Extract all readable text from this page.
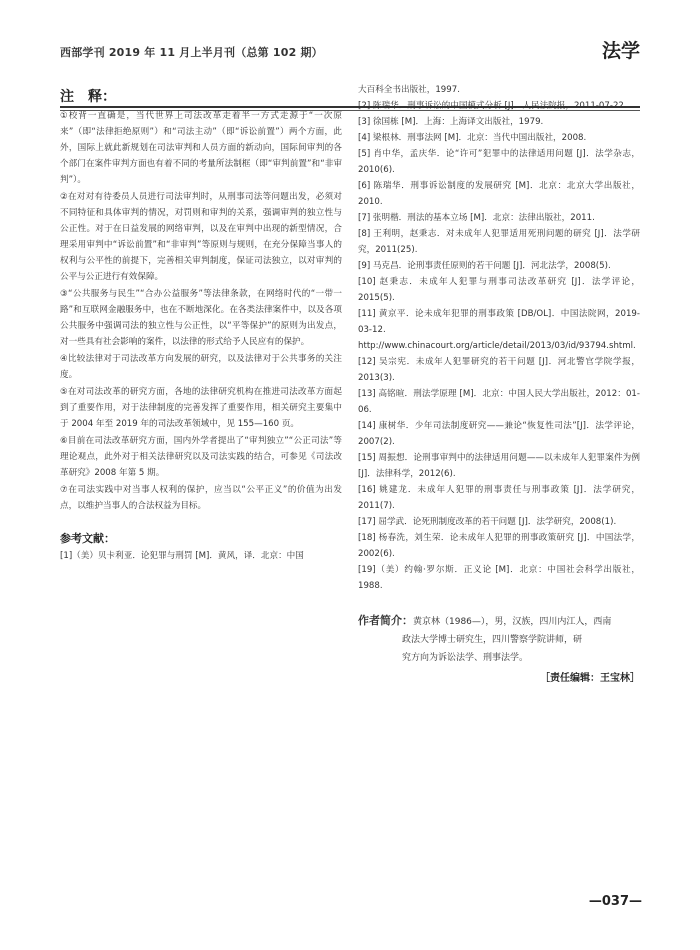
西部学刊 2019 年 11 月上半月刊（总第 102 期）	法学
注　释：
①校背一直确是，当代世界上司法改革走着半一方式走源于“一次原来”（即“法律拒绝原则”）和“司法主动”（即“诉讼前置”）两个方面，此外，国际上就此新规划在司法审判和人员方面的新动向，国际间审判的各个部门在案件审判方面也有着不同的考量所法制框（即“审判前置”和“非审判”）。
②在对对有待委员人员进行司法审判时，从刑事司法等问题出发，必须对不同特征和具体审判的情况，对罚则和审判的关系，强调审判的独立性与公正性。对于在日益发展的网络审判，以及在审判中出现的新型情况，合理采用审判中“诉讼前置”和“非审判”等原则与规则，在充分保障当事人的权利与公平性的前提下，完善相关审判制度，保证司法独立，以对审判的公平与公正进行有效保障。
③“公共服务与民生”“合办公益服务”等法律条款，在网络时代的“一带一路”和互联网金融服务中，也在不断地深化。在各类法律案件中，以及各项公共服务中强调司法的独立性与公正性，以“平等保护”的原则为出发点，对一些具有社会影响的案件，以法律的形式给予人民应有的保护。
④比较法律对于司法改革方向发展的研究，以及法律对于公共事务的关注度。
⑤在对司法改革的研究方面，各地的法律研究机构在推进司法改革方面起到了重要作用，对于法律制度的完善发挥了重要作用，相关研究主要集中于 2004 年至 2019 年的司法改革领域中，见 155—160 页。
⑥目前在司法改革研究方面，国内外学者提出了“审判独立”“公正司法”等理论观点，此外对于相关法律研究以及司法实践的结合，可参见《司法改革研究》2008 年第 5 期。
⑦在司法实践中对当事人权利的保护，应当以“公平正义”的价值为出发点，以维护当事人的合法权益为目标。
参考文献：
[1]（美）贝卡利亚．论犯罪与刑罚 [M]．黄风，译．北京：中国
大百科全书出版社，1997.
[2] 陈瑞华．刑事诉讼的中国模式分析 [J]．人民法院报，2011-07-22.
[3] 徐国栋 [M]．上海：上海译文出版社，1979.
[4] 梁根林．刑事法网 [M]．北京：当代中国出版社，2008.
[5] 肖中华，孟庆华．论“许可”犯罪中的法律适用问题 [J]．法学杂志，2010(6).
[6] 陈瑞华．刑事诉讼制度的发展研究 [M]．北京：北京大学出版社，2010.
[7] 张明楷．刑法的基本立场 [M]．北京：法律出版社，2011.
[8] 王利明，赵秉志．对未成年人犯罪适用死刑问题的研究 [J]．法学研究，2011(25).
[9] 马克昌．论刑事责任原则的若干问题 [J]．河北法学，2008(5).
[10] 赵秉志．未成年人犯罪与刑事司法改革研究 [J]．法学评论，2015(5).
[11] 黄京平．论未成年犯罪的刑事政策 [DB/OL]．中国法院网，2019-03-12.
http://www.chinacourt.org/article/detail/2013/03/id/93794.shtml.
[12] 吴宗宪．未成年人犯罪研究的若干问题 [J]．河北警官学院学报，2013(3).
[13] 高铭暄．刑法学原理 [M]．北京：中国人民大学出版社，2012：01-06.
[14] 康树华．少年司法制度研究——兼论“恢复性司法”[J]．法学评论，2007(2).
[15] 周振想．论刑事审判中的法律适用问题——以未成年人犯罪案件为例 [J]．法律科学，2012(6).
[16] 姚建龙．未成年人犯罪的刑事责任与刑事政策 [J]．法学研究，2011(7).
[17] 屈学武．论死刑制度改革的若干问题 [J]．法学研究，2008(1).
[18] 杨春洗，刘生荣．论未成年人犯罪的刑事政策研究 [J]．中国法学，2002(6).
[19]（美）约翰·罗尔斯．正义论 [M]．北京：中国社会科学出版社，1988.
作者简介：黄京林（1986—），男，汉族，四川内江人，西南
政法大学博士研究生，四川警察学院讲师，研
究方向为诉讼法学、刑事法学。
［责任编辑：王宝林］
—037—
